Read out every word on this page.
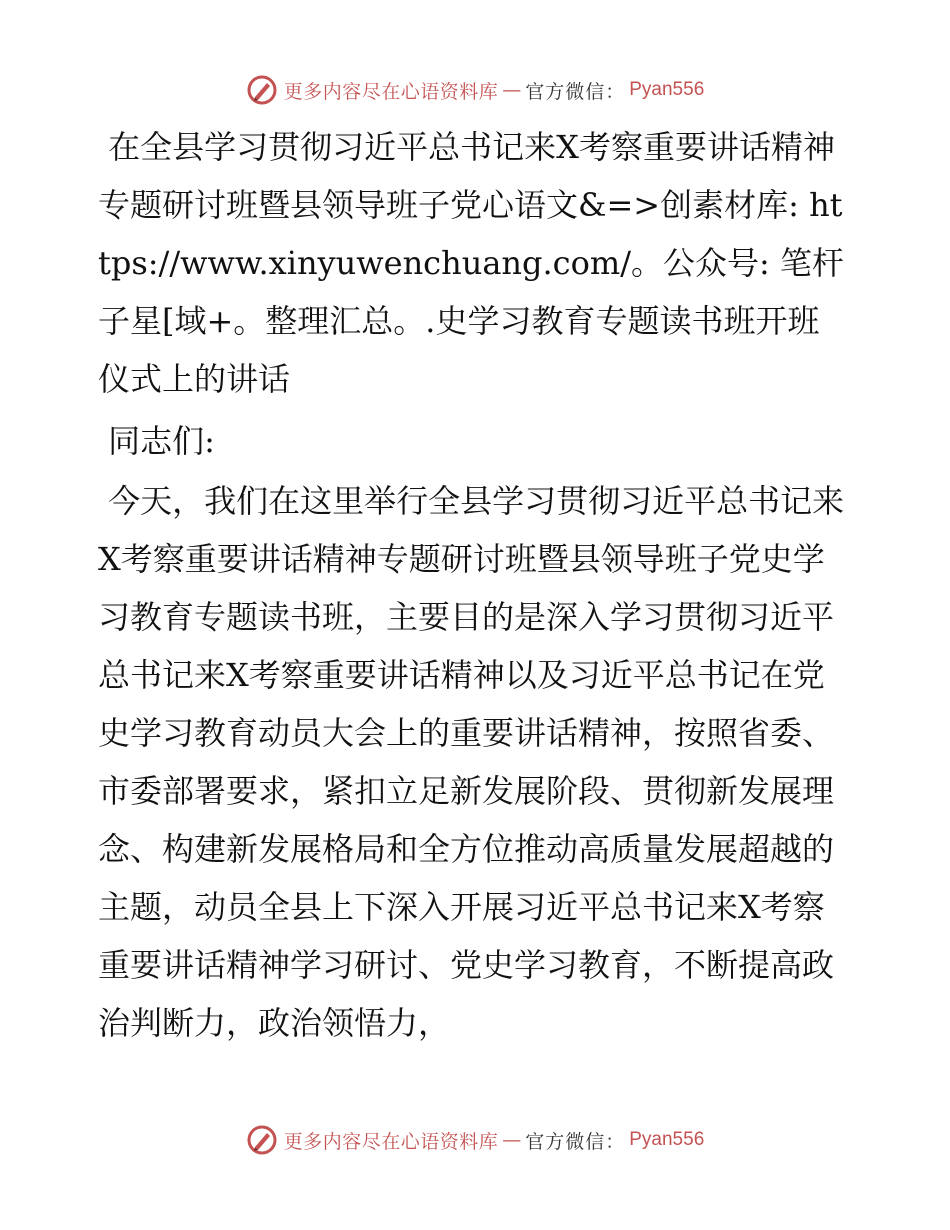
更多内容尽在心语资料库 — 官方微信： Pyan556

在全县学习贯彻习近平总书记来X考察重要讲话精神专题研讨班暨县领导班子党心语文&=>创素材库: https://www.xinyuwenchuang.com/。公众号: 笔杆子星[域+。整理汇总。.史学习教育专题读书班开班仪式上的讲话

同志们:

今天，我们在这里举行全县学习贯彻习近平总书记来X考察重要讲话精神专题研讨班暨县领导班子党史学习教育专题读书班，主要目的是深入学习贯彻习近平总书记来X考察重要讲话精神以及习近平总书记在党史学习教育动员大会上的重要讲话精神，按照省委、市委部署要求，紧扣立足新发展阶段、贯彻新发展理念、构建新发展格局和全方位推动高质量发展超越的主题，动员全县上下深入开展习近平总书记来X考察重要讲话精神学习研讨、党史学习教育，不断提高政治判断力，政治领悟力，

更多内容尽在心语资料库 — 官方微信： Pyan556
